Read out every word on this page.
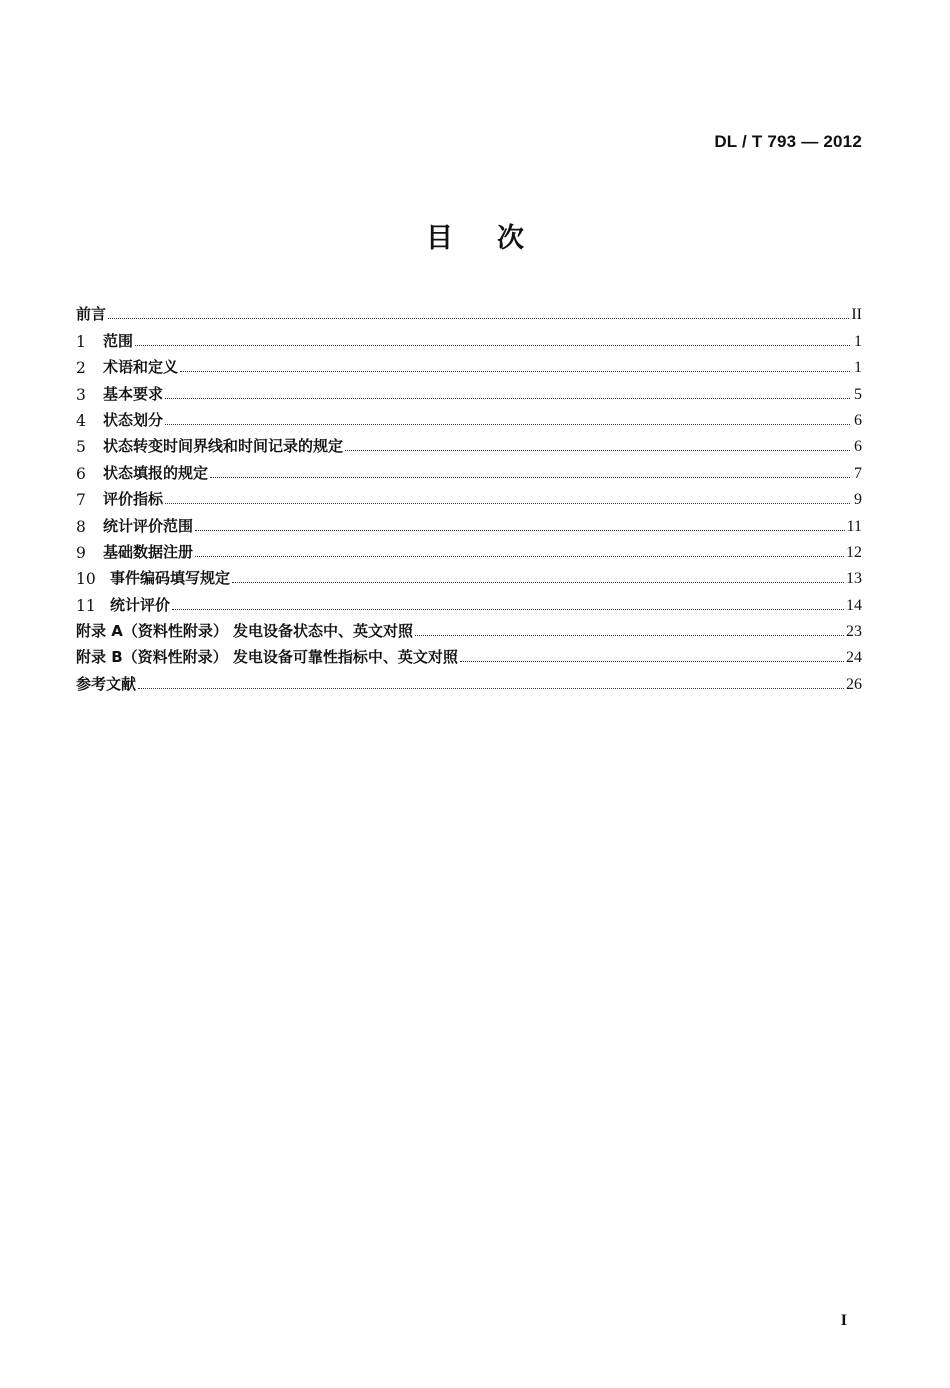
DL / T 793 — 2012
目 次
前言	II
1	范围	1
2	术语和定义	1
3	基本要求	5
4	状态划分	6
5	状态转变时间界线和时间记录的规定	6
6	状态填报的规定	7
7	评价指标	9
8	统计评价范围	11
9	基础数据注册	12
10 事件编码填写规定	13
11 统计评价	14
附录 A（资料性附录） 发电设备状态中、英文对照	23
附录 B（资料性附录） 发电设备可靠性指标中、英文对照	24
参考文献	26
I
